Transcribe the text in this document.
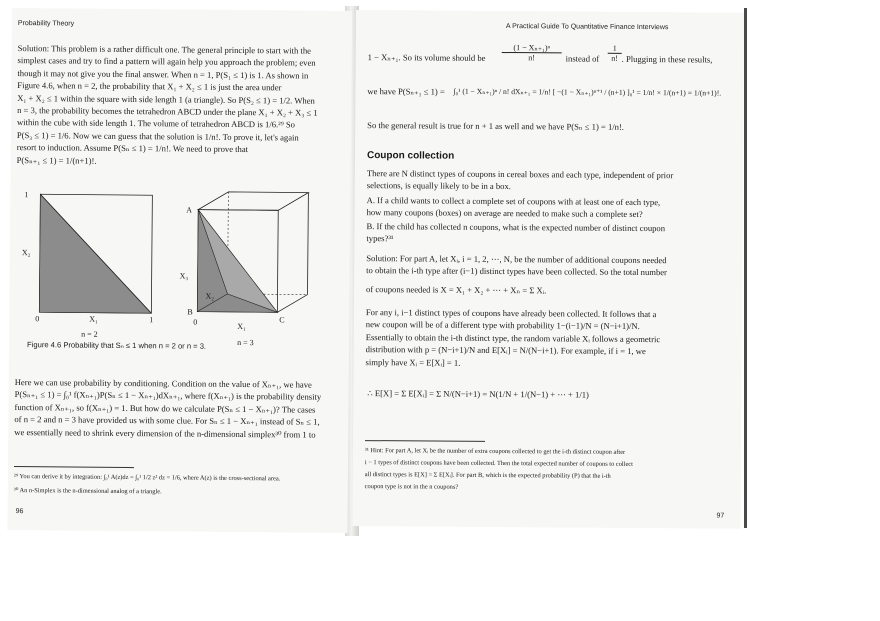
Probability Theory
Solution: This problem is a rather difficult one. The general principle to start with the
simplest cases and try to find a pattern will again help you approach the problem; even
though it may not give you the final answer. When n = 1, P(S₁ ≤ 1) is 1. As shown in
Figure 4.6, when n = 2, the probability that X₁ + X₂ ≤ 1 is just the area under
X₁ + X₂ ≤ 1 within the square with side length 1 (a triangle). So P(S₂ ≤ 1) = 1/2. When
n = 3, the probability becomes the tetrahedron ABCD under the plane X₁ + X₂ + X₃ ≤ 1
within the cube with side length 1. The volume of tetrahedron ABCD is 1/6.²⁹ So
P(S₃ ≤ 1) = 1/6. Now we can guess that the solution is 1/n!. To prove it, let's again
resort to induction. Assume P(Sₙ ≤ 1) = 1/n!. We need to prove that
P(Sₙ₊₁ ≤ 1) = 1/(n+1)!.
1
X₂
0	X₁	1
n = 2
A
X₃
X₂
B
0	X₁
C
n = 3
Figure 4.6 Probability that Sₙ ≤ 1 when n = 2 or n = 3.
Here we can use probability by conditioning. Condition on the value of Xₙ₊₁, we have
P(Sₙ₊₁ ≤ 1) = ∫₀¹ f(Xₙ₊₁)P(Sₙ ≤ 1 − Xₙ₊₁)dXₙ₊₁, where f(Xₙ₊₁) is the probability density
function of Xₙ₊₁, so f(Xₙ₊₁) = 1. But how do we calculate P(Sₙ ≤ 1 − Xₙ₊₁)? The cases
of n = 2 and n = 3 have provided us with some clue. For Sₙ ≤ 1 − Xₙ₊₁ instead of Sₙ ≤ 1,
we essentially need to shrink every dimension of the n-dimensional simplex³⁰ from 1 to
²⁹ You can derive it by integration: ∫₀¹ A(z)dz = ∫₀¹ 1/2 z² dz = 1/6, where A(z) is the cross-sectional area.
³⁰ An n-Simplex is the n-dimensional analog of a triangle.
96
A Practical Guide To Quantitative Finance Interviews
1 − Xₙ₊₁. So its volume should be $\frac{\text{(1 − Xₙ₊₁)ⁿ}}{n!}$ instead of $\frac{1}{n!}$ . Plugging in these results,
we have P(Sₙ₊₁ ≤ 1) = ∫₀¹ (1 − Xₙ₊₁)ⁿ / n! dXₙ₊₁ = 1/n! [ −(1 − Xₙ₊₁)ⁿ⁺¹ / (n+1) ]₀¹ = 1/n! × 1/(n+1) = 1/(n+1)!.
So the general result is true for n + 1 as well and we have P(Sₙ ≤ 1) = 1/n!.
Coupon collection
There are N distinct types of coupons in cereal boxes and each type, independent of prior
selections, is equally likely to be in a box.
A. If a child wants to collect a complete set of coupons with at least one of each type,
how many coupons (boxes) on average are needed to make such a complete set?
B. If the child has collected n coupons, what is the expected number of distinct coupon
types?³¹
Solution: For part A, let Xᵢ, i = 1, 2, ⋯, N, be the number of additional coupons needed
to obtain the i-th type after (i−1) distinct types have been collected. So the total number
of coupons needed is X = X₁ + X₂ + ⋯ + Xₙ = Σ Xᵢ.
For any i, i−1 distinct types of coupons have already been collected. It follows that a
new coupon will be of a different type with probability 1−(i−1)/N = (N−i+1)/N.
Essentially to obtain the i-th distinct type, the random variable Xᵢ follows a geometric
distribution with p = (N−i+1)/N and E[Xᵢ] = N/(N−i+1). For example, if i = 1, we
simply have Xᵢ = E[Xᵢ] = 1.
∴ E[X] = Σ E[Xᵢ] = Σ N/(N−i+1) = N(1/N + 1/(N−1) + ⋯ + 1/1)
³¹ Hint: For part A, let Xᵢ be the number of extra coupons collected to get the i-th distinct coupon after
i − 1 types of distinct coupons have been collected. Then the total expected number of coupons to collect
all distinct types is E[X] = Σ E[Xᵢ]. For part B, which is the expected probability (P) that the i-th
coupon type is not in the n coupons?
97
